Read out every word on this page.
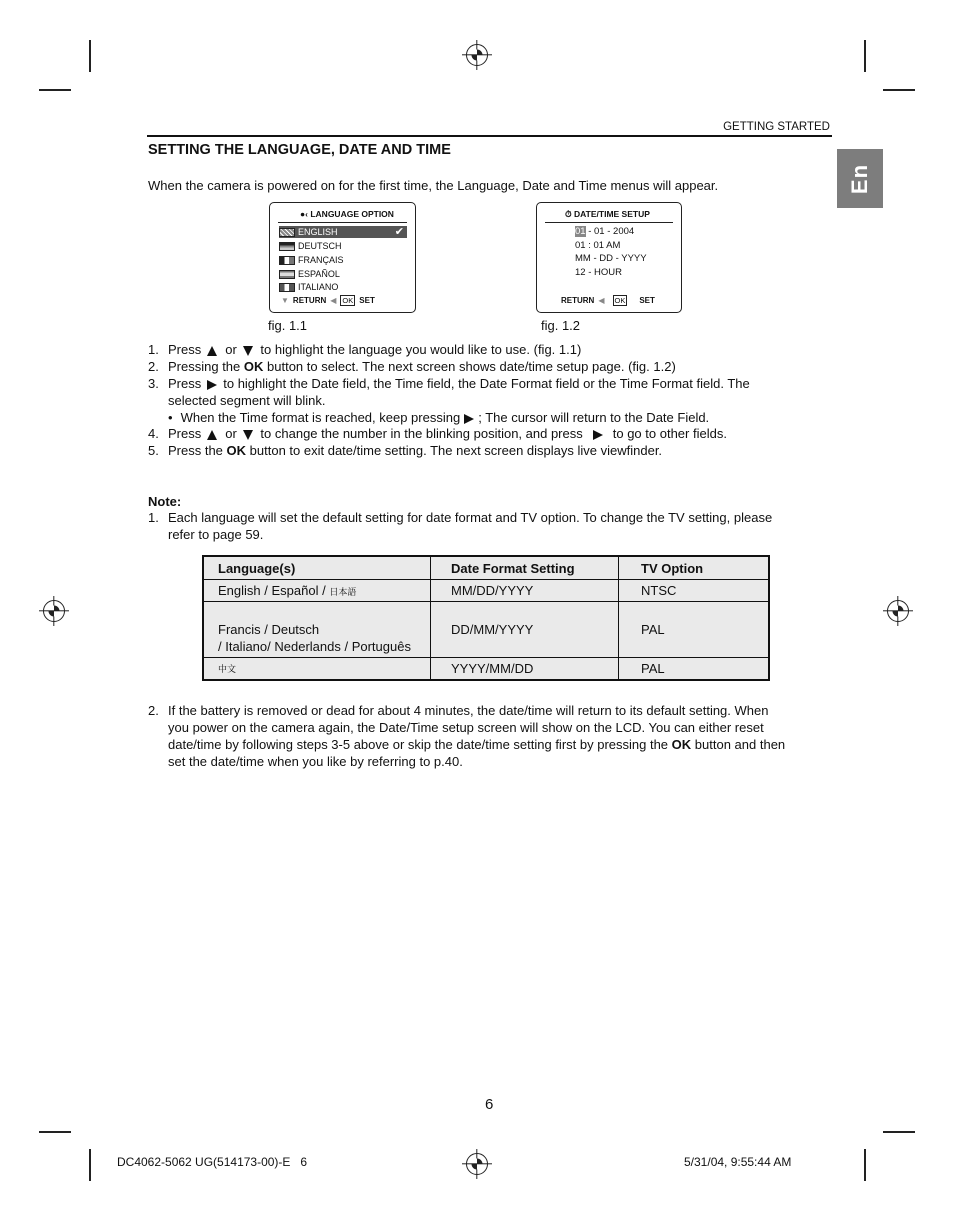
GETTING STARTED
En
SETTING THE LANGUAGE, DATE AND TIME

When the camera is powered on for the first time, the Language, Date and Time menus will appear.

●‹ LANGUAGE OPTION
ENGLISH	✔
DEUTSCH
FRANÇAIS
ESPAÑOL
ITALIANO
▼ RETURN ◀ OK SET
fig. 1.1
⏱ DATE/TIME SETUP
01 - 01 - 2004
01 : 01 AM
MM - DD - YYYY
12 - HOUR
RETURN ◀ OK SET
fig. 1.2
1. Press or to highlight the language you would like to use. (fig. 1.1)
2. Pressing the OK button to select. The next screen shows date/time setup page. (fig. 1.2)
3. Press to highlight the Date field, the Time field, the Date Format field or the Time Format field. The
selected segment will blink.
• When the Time format is reached, keep pressing ; The cursor will return to the Date Field.
4. Press or to change the number in the blinking position, and press to go to other fields.
5. Press the OK button to exit date/time setting. The next screen displays live viewfinder.
Note:
1. Each language will set the default setting for date format and TV option. To change the TV setting, please
refer to page 59.
Language(s)	Date Format Setting	TV Option
English / Español / 日本語	MM/DD/YYYY	NTSC

Francis / Deutsch
/ Italiano/ Nederlands / Português	DD/MM/YYYY	PAL
中文	YYYY/MM/DD	PAL
2. If the battery is removed or dead for about 4 minutes, the date/time will return to its default setting. When
you power on the camera again, the Date/Time setup screen will show on the LCD. You can either reset
date/time by following steps 3-5 above or skip the date/time setting first by pressing the OK button and then
set the date/time when you like by referring to p.40.
6
DC4062-5062 UG(514173-00)-E   6	5/31/04, 9:55:44 AM
